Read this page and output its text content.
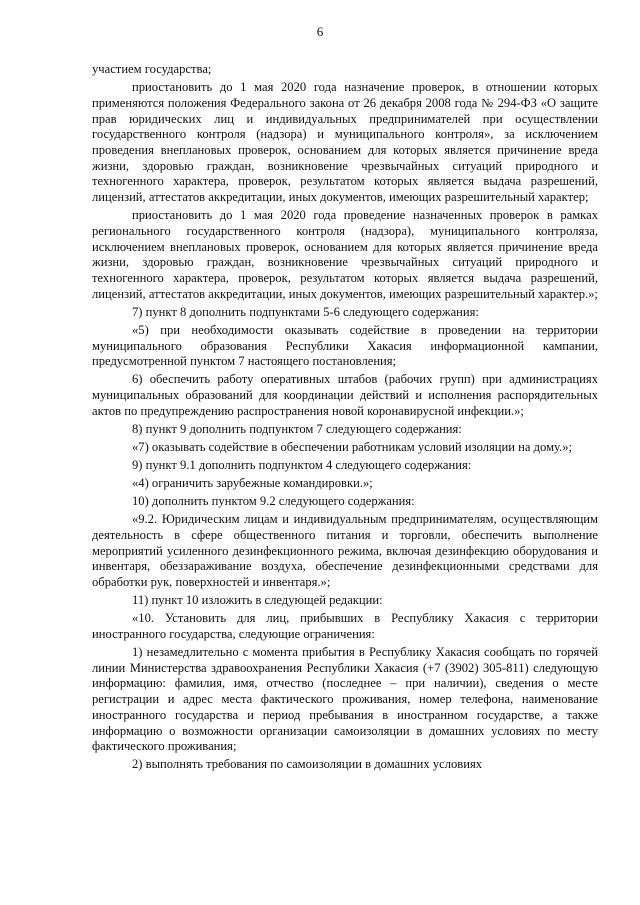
6

участием государства;

приостановить до 1 мая 2020 года назначение проверок, в отношении которых применяются положения Федерального закона от 26 декабря 2008 года № 294-ФЗ «О защите прав юридических лиц и индивидуальных предпринимателей при осуществлении государственного контроля (надзора) и муниципального контроля», за исключением проведения внеплановых проверок, основанием для которых является причинение вреда жизни, здоровью граждан, возникновение чрезвычайных ситуаций природного и техногенного характера, проверок, результатом которых является выдача разрешений, лицензий, аттестатов аккредитации, иных документов, имеющих разрешительный характер;

приостановить до 1 мая 2020 года проведение назначенных проверок в рамках регионального государственного контроля (надзора), муниципального контроляза, исключением внеплановых проверок, основанием для которых является причинение вреда жизни, здоровью граждан, возникновение чрезвычайных ситуаций природного и техногенного характера, проверок, результатом которых является выдача разрешений, лицензий, аттестатов аккредитации, иных документов, имеющих разрешительный характер.»;

7) пункт 8 дополнить подпунктами 5-6 следующего содержания:

«5) при необходимости оказывать содействие в проведении на территории муниципального образования Республики Хакасия информационной кампании, предусмотренной пунктом 7 настоящего постановления;

6) обеспечить работу оперативных штабов (рабочих групп) при администрациях муниципальных образований для координации действий и исполнения распорядительных актов по предупреждению распространения новой коронавирусной инфекции.»;

8) пункт 9 дополнить подпунктом 7 следующего содержания:

«7) оказывать содействие в обеспечении работникам условий изоляции на дому.»;

9) пункт 9.1 дополнить подпунктом 4 следующего содержания:

«4) ограничить зарубежные командировки.»;

10) дополнить пунктом 9.2 следующего содержания:

«9.2. Юридическим лицам и индивидуальным предпринимателям, осуществляющим деятельность в сфере общественного питания и торговли, обеспечить выполнение мероприятий усиленного дезинфекционного режима, включая дезинфекцию оборудования и инвентаря, обеззараживание воздуха, обеспечение дезинфекционными средствами для обработки рук, поверхностей и инвентаря.»;

11) пункт 10 изложить в следующей редакции:

«10. Установить для лиц, прибывших в Республику Хакасия с территории иностранного государства, следующие ограничения:

1) незамедлительно с момента прибытия в Республику Хакасия сообщать по горячей линии Министерства здравоохранения Республики Хакасия (+7 (3902) 305-811) следующую информацию: фамилия, имя, отчество (последнее – при наличии), сведения о месте регистрации и адрес места фактического проживания, номер телефона, наименование иностранного государства и период пребывания в иностранном государстве, а также информацию о возможности организации самоизоляции в домашних условиях по месту фактического проживания;

2) выполнять требования по самоизоляции в домашних условиях
